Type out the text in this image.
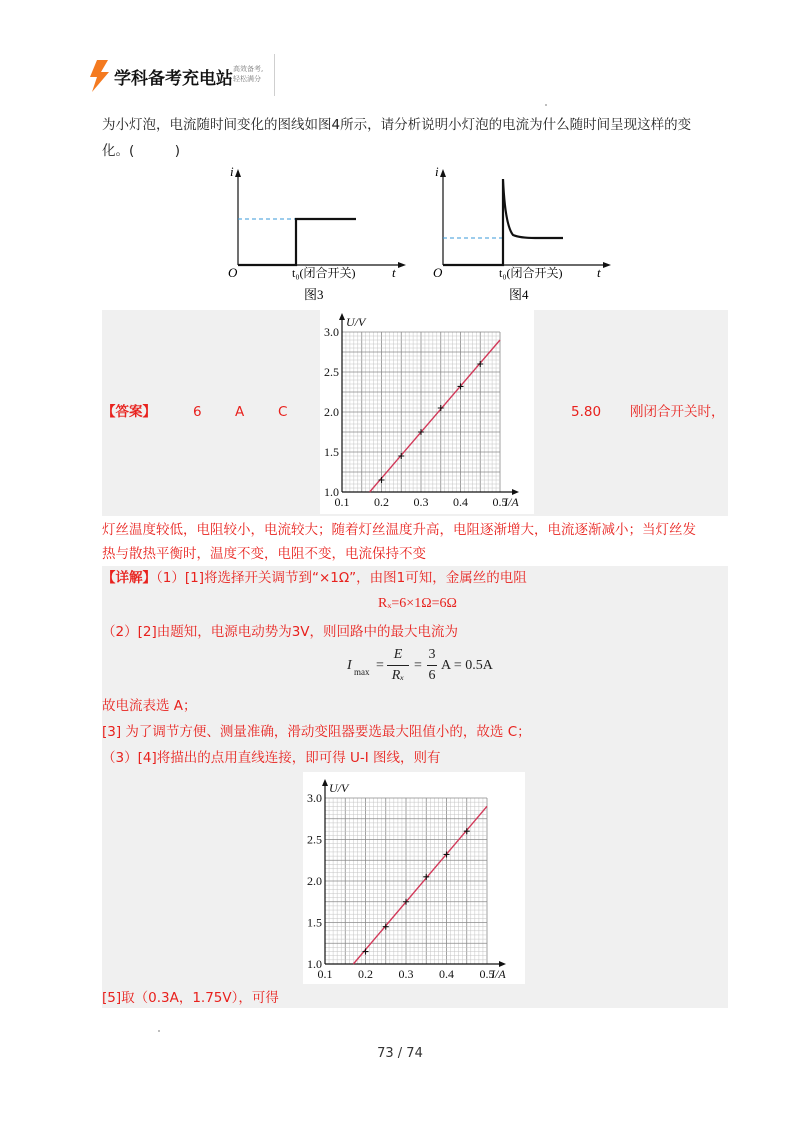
学科备考充电站 高效备考,
轻松满分
为小灯泡，电流随时间变化的图线如图4所示，请分析说明小灯泡的电流为什么随时间呈现这样的变
化。(　　　)
i
O	t
t₀(闭合开关)
图3
i
O	t
t₀(闭合开关)
图4
【答案】	6 A	C	5.80 刚闭合开关时，
1.0
1.5
2.0
2.5
3.0
0.1 0.2 0.3 0.4 0.5
U/V
I/A
灯丝温度较低，电阻较小，电流较大；随着灯丝温度升高，电阻逐渐增大，电流逐渐减小；当灯丝发
热与散热平衡时，温度不变，电阻不变，电流保持不变
【详解】（1）[1]将选择开关调节到“×1Ω”，由图1可知，金属丝的电阻
Rₓ=6×1Ω=6Ω
（2）[2]由题知，电源电动势为3V，则回路中的最大电流为
I max =
E
Rₓ
=
3
6
A = 0.5A
故电流表选 A；
[3] 为了调节方便、测量准确，滑动变阻器要选最大阻值小的，故选 C；
（3）[4]将描出的点用直线连接，即可得 U-I 图线，则有
1.0
1.5
2.0
2.5
3.0
0.1 0.2 0.3 0.4 0.5
U/V
I/A
[5]取（0.3A，1.75V），可得
73 / 74
